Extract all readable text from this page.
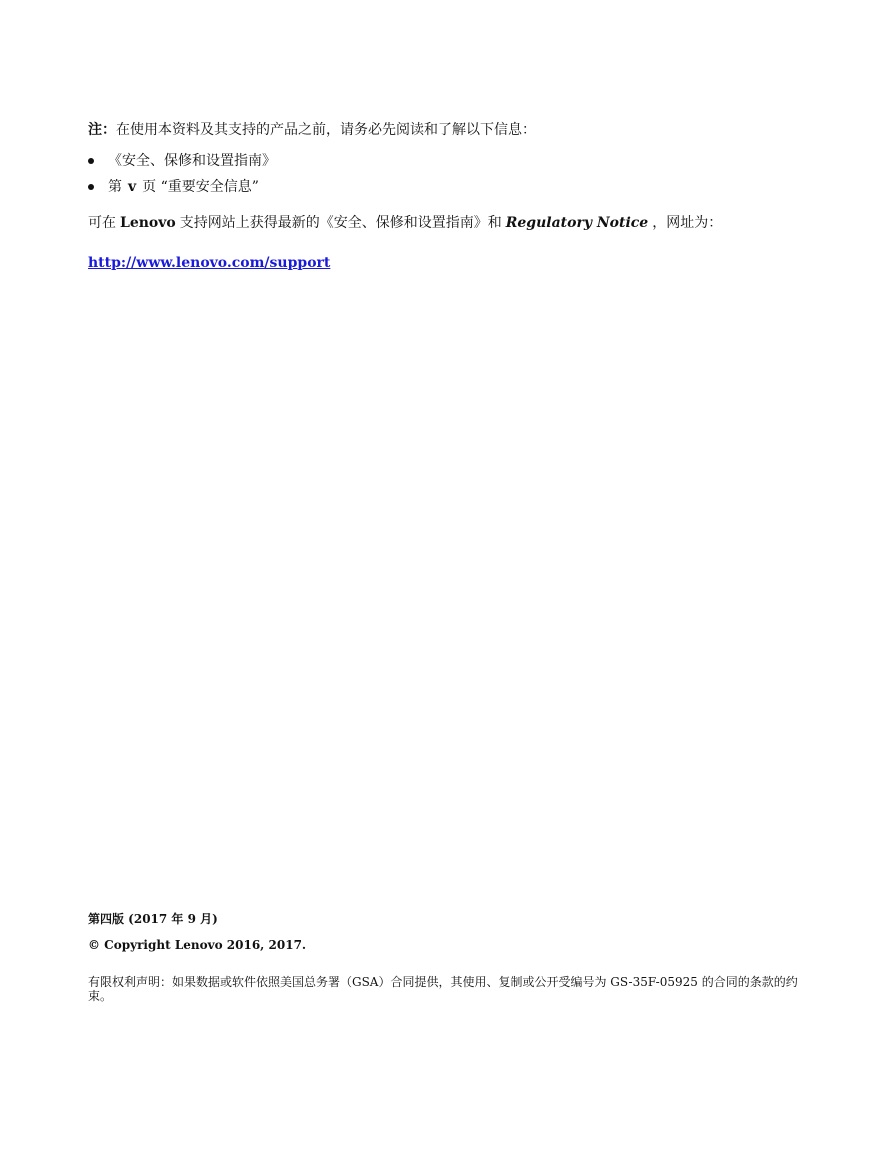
注：在使用本资料及其支持的产品之前，请务必先阅读和了解以下信息：
《安全、保修和设置指南》
第 v 页 “重要安全信息”
可在 Lenovo 支持网站上获得最新的《安全、保修和设置指南》和 Regulatory Notice ，网址为：
http://www.lenovo.com/support
第四版 (2017 年 9 月)
© Copyright Lenovo 2016, 2017.
有限权利声明：如果数据或软件依照美国总务署（GSA）合同提供，其使用、复制或公开受编号为 GS-35F-05925 的合同的条款的约束。
